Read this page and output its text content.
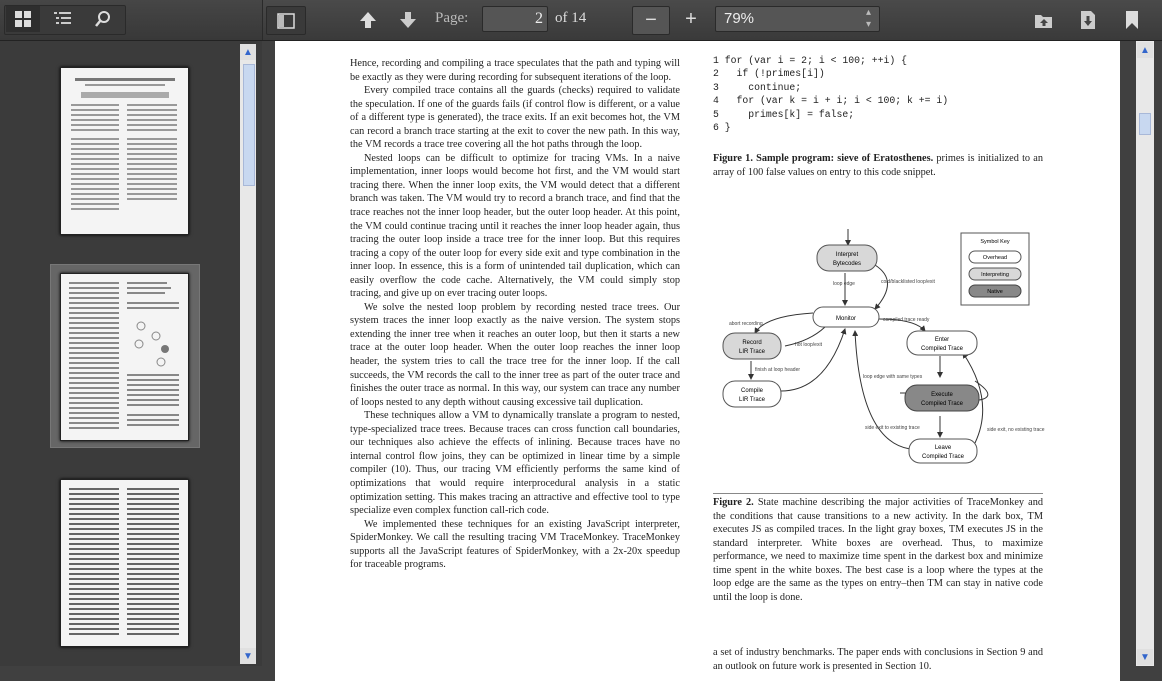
Page:	2 of 14	−	+	79%	▴
▾
▲
▼

Hence, recording and compiling a trace speculates that the path and typing will be exactly as they were during recording for subsequent iterations of the loop.

Every compiled trace contains all the guards (checks) required to validate the speculation. If one of the guards fails (if control flow is different, or a value of a different type is generated), the trace exits. If an exit becomes hot, the VM can record a branch trace starting at the exit to cover the new path. In this way, the VM records a trace tree covering all the hot paths through the loop.

Nested loops can be difficult to optimize for tracing VMs. In a naive implementation, inner loops would become hot first, and the VM would start tracing there. When the inner loop exits, the VM would detect that a different branch was taken. The VM would try to record a branch trace, and find that the trace reaches not the inner loop header, but the outer loop header. At this point, the VM could continue tracing until it reaches the inner loop header again, thus tracing the outer loop inside a trace tree for the inner loop. But this requires tracing a copy of the outer loop for every side exit and type combination in the inner loop. In essence, this is a form of unintended tail duplication, which can easily overflow the code cache. Alternatively, the VM could simply stop tracing, and give up on ever tracing outer loops.

We solve the nested loop problem by recording nested trace trees. Our system traces the inner loop exactly as the naive version. The system stops extending the inner tree when it reaches an outer loop, but then it starts a new trace at the outer loop header. When the outer loop reaches the inner loop header, the system tries to call the trace tree for the inner loop. If the call succeeds, the VM records the call to the inner tree as part of the outer trace and finishes the outer trace as normal. In this way, our system can trace any number of loops nested to any depth without causing excessive tail duplication.

These techniques allow a VM to dynamically translate a program to nested, type-specialized trace trees. Because traces can cross function call boundaries, our techniques also achieve the effects of inlining. Because traces have no internal control flow joins, they can be optimized in linear time by a simple compiler (10). Thus, our tracing VM efficiently performs the same kind of optimizations that would require interprocedural analysis in a static optimization setting. This makes tracing an attractive and effective tool to type specialize even complex function call-rich code.

We implemented these techniques for an existing JavaScript interpreter, SpiderMonkey. We call the resulting tracing VM TraceMonkey. TraceMonkey supports all the JavaScript features of SpiderMonkey, with a 2x-20x speedup for traceable programs.

1 for (var i = 2; i < 100; ++i) {
2   if (!primes[i])
3     continue;
4   for (var k = i + i; i < 100; k += i)
5     primes[k] = false;
6 }
Figure 1. Sample program: sieve of Eratosthenes. primes is initialized to an array of 100 false values on entry to this code snippet.
Interpret
Bytecodes
Monitor
Record
LIR Trace
Compile
LIR Trace
Enter
Compiled Trace
Execute
Compiled Trace
Leave
Compiled Trace
Symbol Key
Overhead
Interpreting
Native
loop edge	cold/blacklisted loop/exit
abort recording
hot loop/exit
compiled trace ready
finish at loop header
loop edge with same types
side exit to existing trace	side exit, no existing trace
Figure 2. State machine describing the major activities of TraceMonkey and the conditions that cause transitions to a new activity. In the dark box, TM executes JS as compiled traces. In the light gray boxes, TM executes JS in the standard interpreter. White boxes are overhead. Thus, to maximize performance, we need to maximize time spent in the darkest box and minimize time spent in the white boxes. The best case is a loop where the types at the loop edge are the same as the types on entry–then TM can stay in native code until the loop is done.
a set of industry benchmarks. The paper ends with conclusions in Section 9 and an outlook on future work is presented in Section 10.
▲
▼
